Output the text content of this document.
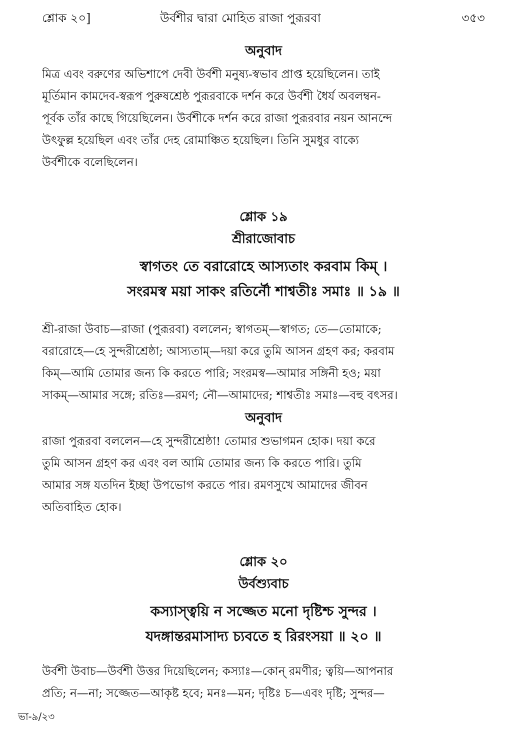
শ্লোক ২০]	উর্বশীর দ্বারা মোহিত রাজা পুরূরবা	৩৫৩
অনুবাদ
মিত্র এবং বরুণের অভিশাপে দেবী উর্বশী মনুষ্য-স্বভাব প্রাপ্ত হয়েছিলেন। তাই
মূর্তিমান কামদেব-স্বরূপ পুরুষশ্রেষ্ঠ পুরূরবাকে দর্শন করে উর্বশী ধৈর্য অবলম্বন-
পূর্বক তাঁর কাছে গিয়েছিলেন। উর্বশীকে দর্শন করে রাজা পুরূরবার নয়ন আনন্দে
উৎফুল্ল হয়েছিল এবং তাঁর দেহ রোমাঞ্চিত হয়েছিল। তিনি সুমধুর বাক্যে
উর্বশীকে বলেছিলেন।
শ্লোক ১৯
শ্রীরাজোবাচ
স্বাগতং তে বরারোহে আস্যতাং করবাম কিম্ ।
সংরমস্ব ময়া সাকং রতির্নৌ শাশ্বতীঃ সমাঃ ॥ ১৯ ॥
শ্রী-রাজা উবাচ—রাজা (পুরূরবা) বললেন; স্বাগতম্—স্বাগত; তে—তোমাকে;
বরারোহে—হে সুন্দরীশ্রেষ্ঠা; আস্যতাম্—দয়া করে তুমি আসন গ্রহণ কর; করবাম
কিম্—আমি তোমার জন্য কি করতে পারি; সংরমস্ব—আমার সঙ্গিনী হও; ময়া
সাকম্—আমার সঙ্গে; রতিঃ—রমণ; নৌ—আমাদের; শাশ্বতীঃ সমাঃ—বহু বৎসর।
অনুবাদ
রাজা পুরূরবা বললেন—হে সুন্দরীশ্রেষ্ঠা! তোমার শুভাগমন হোক। দয়া করে
তুমি আসন গ্রহণ কর এবং বল আমি তোমার জন্য কি করতে পারি। তুমি
আমার সঙ্গ যতদিন ইচ্ছা উপভোগ করতে পার। রমণসুখে আমাদের জীবন
অতিবাহিত হোক।
শ্লোক ২০
উর্বশ্যুবাচ
কস্যাস্ত্বয়ি ন সজ্জেত মনো দৃষ্টিশ্চ সুন্দর ।
যদঙ্গান্তরমাসাদ্য চ্যবতে হ রিরংসয়া ॥ ২০ ॥
উর্বশী উবাচ—উর্বশী উত্তর দিয়েছিলেন; কস্যাঃ—কোন্ রমণীর; ত্বয়ি—আপনার
প্রতি; ন—না; সজ্জেত—আকৃষ্ট হবে; মনঃ—মন; দৃষ্টিঃ চ—এবং দৃষ্টি; সুন্দর—
ভা-৯/২৩
